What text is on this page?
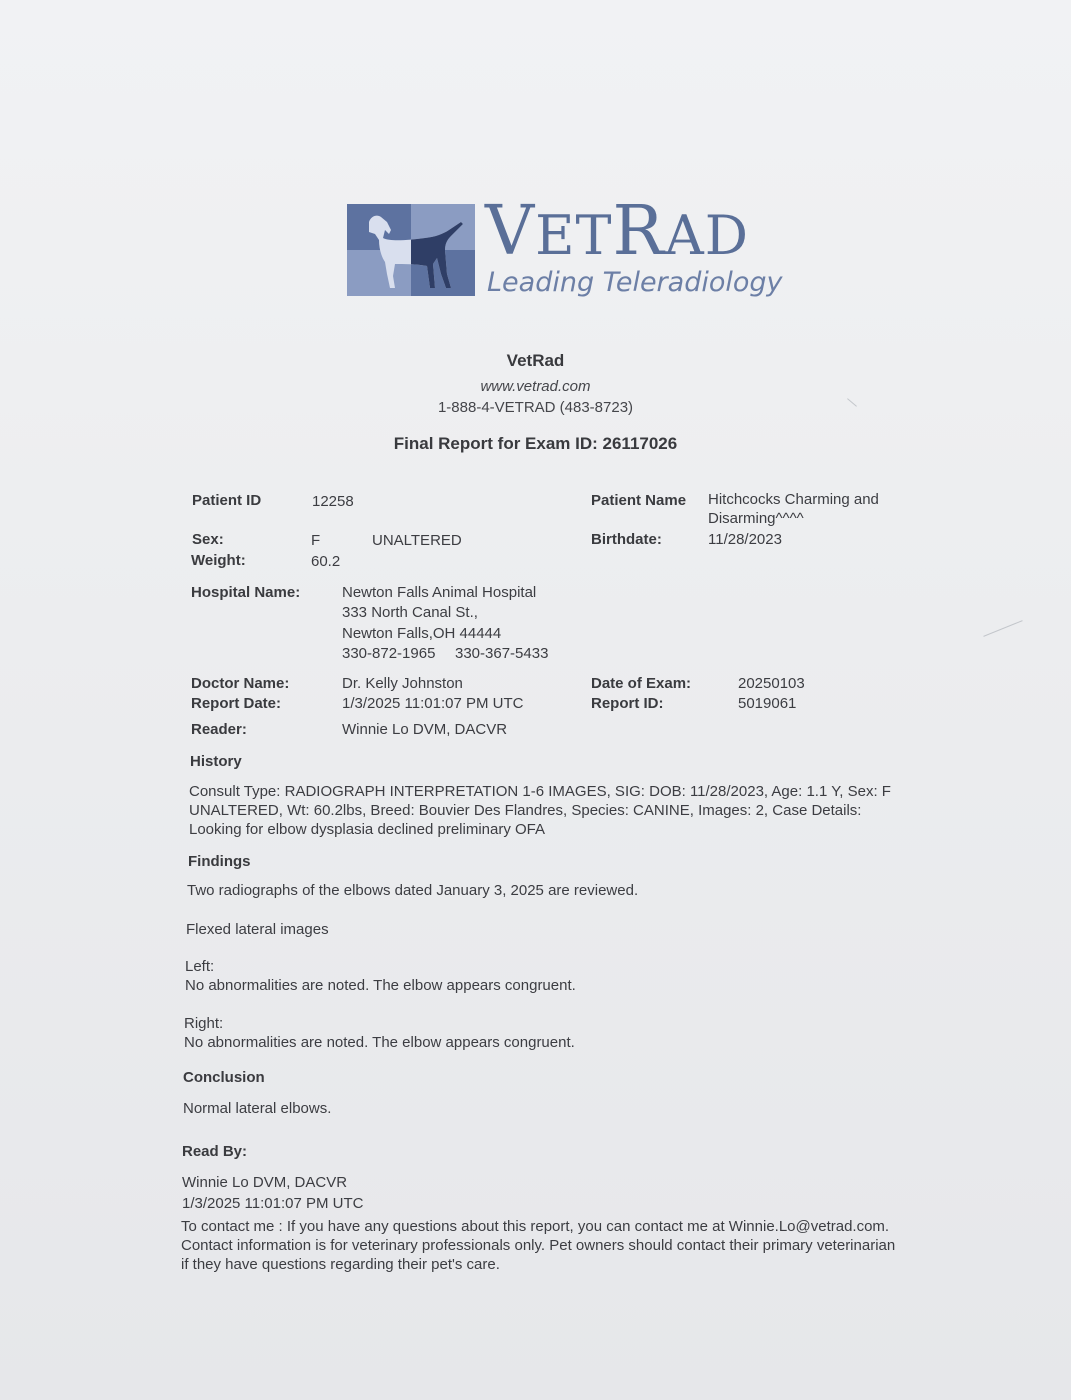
VETRAD
Leading Teleradiology
VetRad
www.vetrad.com
1-888-4-VETRAD (483-8723)
Final Report for Exam ID: 26117026
Patient ID	12258	Patient Name Hitchcocks Charming and
Disarming^^^^
Sex:	F	UNALTERED	Birthdate:	11/28/2023
Weight:	60.2
Hospital Name:	Newton Falls Animal Hospital
333 North Canal St.,
Newton Falls,OH 44444
330-872-1965 330-367-5433
Doctor Name:	Dr. Kelly Johnston	Date of Exam:	20250103
Report Date:	1/3/2025 11:01:07 PM UTC	Report ID:	5019061
Reader:	Winnie Lo DVM, DACVR
History
Consult Type: RADIOGRAPH INTERPRETATION 1-6 IMAGES, SIG: DOB: 11/28/2023, Age: 1.1 Y, Sex: F
UNALTERED, Wt: 60.2lbs, Breed: Bouvier Des Flandres, Species: CANINE, Images: 2, Case Details:
Looking for elbow dysplasia declined preliminary OFA
Findings
Two radiographs of the elbows dated January 3, 2025 are reviewed.
Flexed lateral images
Left:
No abnormalities are noted. The elbow appears congruent.
Right:
No abnormalities are noted. The elbow appears congruent.
Conclusion
Normal lateral elbows.
Read By:
Winnie Lo DVM, DACVR
1/3/2025 11:01:07 PM UTC
To contact me : If you have any questions about this report, you can contact me at Winnie.Lo@vetrad.com.
Contact information is for veterinary professionals only. Pet owners should contact their primary veterinarian
if they have questions regarding their pet's care.
